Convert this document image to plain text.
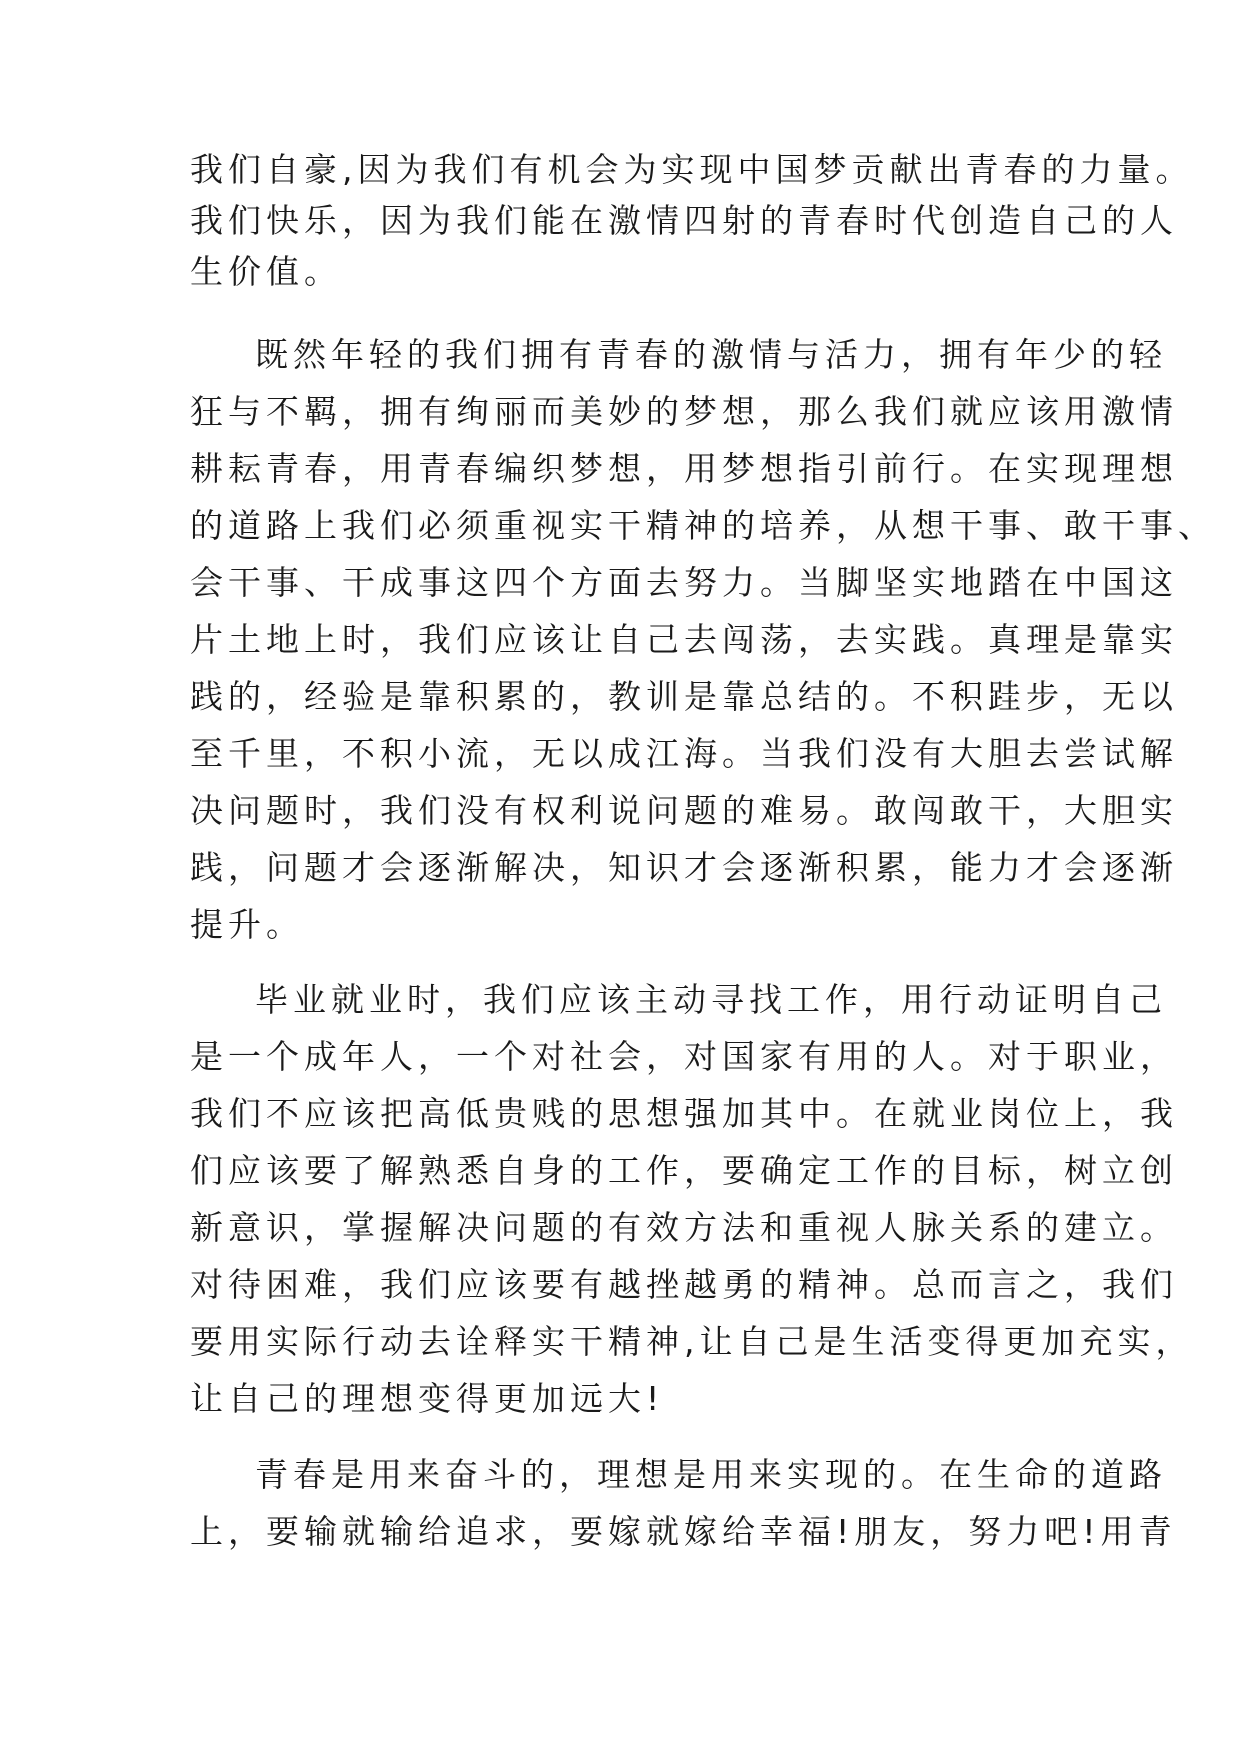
我们自豪,因为我们有机会为实现中国梦贡献出青春的力量。
我们快乐，因为我们能在激情四射的青春时代创造自己的人
生价值。
既然年轻的我们拥有青春的激情与活力，拥有年少的轻
狂与不羁，拥有绚丽而美妙的梦想，那么我们就应该用激情
耕耘青春，用青春编织梦想，用梦想指引前行。在实现理想
的道路上我们必须重视实干精神的培养，从想干事、敢干事、
会干事、干成事这四个方面去努力。当脚坚实地踏在中国这
片土地上时，我们应该让自己去闯荡，去实践。真理是靠实
践的，经验是靠积累的，教训是靠总结的。不积跬步，无以
至千里，不积小流，无以成江海。当我们没有大胆去尝试解
决问题时，我们没有权利说问题的难易。敢闯敢干，大胆实
践，问题才会逐渐解决，知识才会逐渐积累，能力才会逐渐
提升。
毕业就业时，我们应该主动寻找工作，用行动证明自己
是一个成年人，一个对社会，对国家有用的人。对于职业，
我们不应该把高低贵贱的思想强加其中。在就业岗位上，我
们应该要了解熟悉自身的工作，要确定工作的目标，树立创
新意识，掌握解决问题的有效方法和重视人脉关系的建立。
对待困难，我们应该要有越挫越勇的精神。总而言之，我们
要用实际行动去诠释实干精神,让自己是生活变得更加充实，
让自己的理想变得更加远大!
青春是用来奋斗的，理想是用来实现的。在生命的道路
上，要输就输给追求，要嫁就嫁给幸福!朋友，努力吧!用青
